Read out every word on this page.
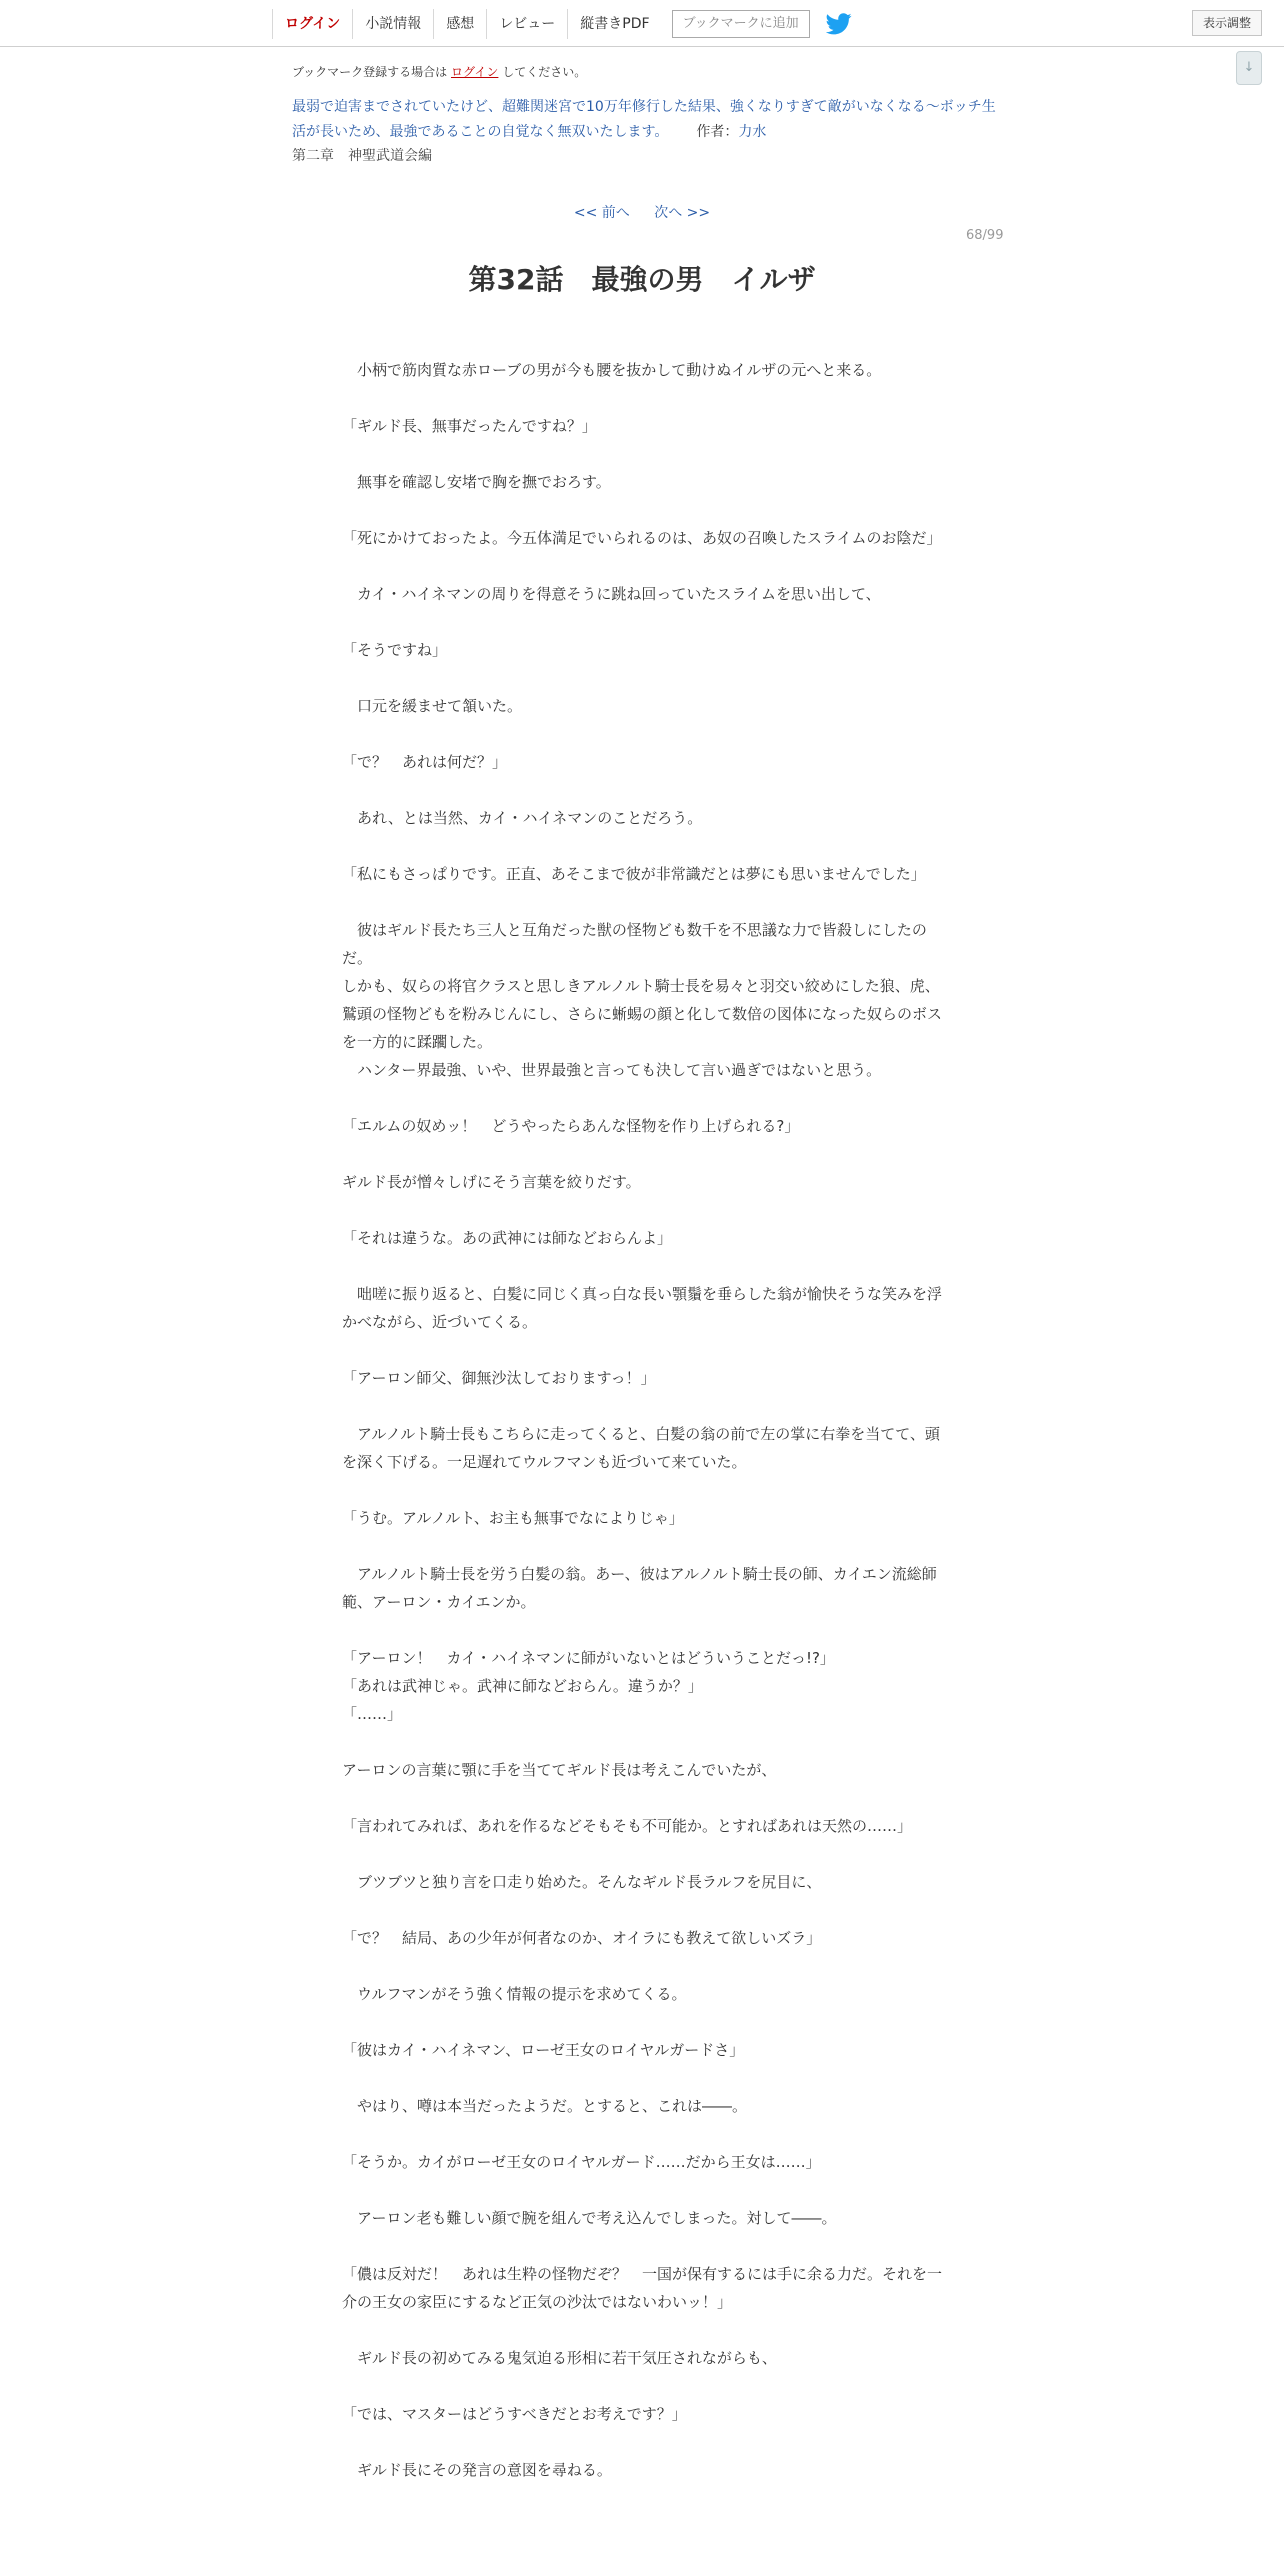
ログイン	小説情報	感想	レビュー	縦書きPDF	ブックマークに追加	表示調整
↓
ブックマーク登録する場合は ログイン してください。
最弱で迫害までされていたけど、超難関迷宮で10万年修行した結果、強くなりすぎて敵がいなくなる～ボッチ生活が長いため、最強であることの自覚なく無双いたします。 作者：力水
第二章　神聖武道会編
<< 前へ 次へ >>
68/99
第32話　最強の男　イルザ

　小柄で筋肉質な赤ローブの男が今も腰を抜かして動けぬイルザの元へと来る。

「ギルド長、無事だったんですね？」

　無事を確認し安堵で胸を撫でおろす。

「死にかけておったよ。今五体満足でいられるのは、あ奴の召喚したスライムのお陰だ」

　カイ・ハイネマンの周りを得意そうに跳ね回っていたスライムを思い出して、

「そうですね」

　口元を緩ませて頷いた。

「で？　あれは何だ？」

　あれ、とは当然、カイ・ハイネマンのことだろう。

「私にもさっぱりです。正直、あそこまで彼が非常識だとは夢にも思いませんでした」

　彼はギルド長たち三人と互角だった獣の怪物ども数千を不思議な力で皆殺しにしたのだ。

しかも、奴らの将官クラスと思しきアルノルト騎士長を易々と羽交い絞めにした狼、虎、鷲頭の怪物どもを粉みじんにし、さらに蜥蜴の顔と化して数倍の図体になった奴らのボスを一方的に蹂躙した。

　ハンター界最強、いや、世界最強と言っても決して言い過ぎではないと思う。

「エルムの奴めッ！　どうやったらあんな怪物を作り上げられる?」

ギルド長が憎々しげにそう言葉を絞りだす。

「それは違うな。あの武神には師などおらんよ」

　咄嗟に振り返ると、白髪に同じく真っ白な長い顎鬚を垂らした翁が愉快そうな笑みを浮かべながら、近づいてくる。

「アーロン師父、御無沙汰しておりますっ！」

　アルノルト騎士長もこちらに走ってくると、白髪の翁の前で左の掌に右拳を当てて、頭を深く下げる。一足遅れてウルフマンも近づいて来ていた。

「うむ。アルノルト、お主も無事でなによりじゃ」

　アルノルト騎士長を労う白髪の翁。あー、彼はアルノルト騎士長の師、カイエン流総師範、アーロン・カイエンか。

「アーロン！　カイ・ハイネマンに師がいないとはどういうことだっ!?」

「あれは武神じゃ。武神に師などおらん。違うか？」

「……」

アーロンの言葉に顎に手を当ててギルド長は考えこんでいたが、

「言われてみれば、あれを作るなどそもそも不可能か。とすればあれは天然の……」

　ブツブツと独り言を口走り始めた。そんなギルド長ラルフを尻目に、

「で？　結局、あの少年が何者なのか、オイラにも教えて欲しいズラ」

　ウルフマンがそう強く情報の提示を求めてくる。

「彼はカイ・ハイネマン、ローゼ王女のロイヤルガードさ」

　やはり、噂は本当だったようだ。とすると、これは――。

「そうか。カイがローゼ王女のロイヤルガード……だから王女は……」

　アーロン老も難しい顔で腕を組んで考え込んでしまった。対して――。

「儂は反対だ！　あれは生粋の怪物だぞ？　一国が保有するには手に余る力だ。それを一介の王女の家臣にするなど正気の沙汰ではないわいッ！」

　ギルド長の初めてみる鬼気迫る形相に若干気圧されながらも、

「では、マスターはどうすべきだとお考えです？」

　ギルド長にその発言の意図を尋ねる。
